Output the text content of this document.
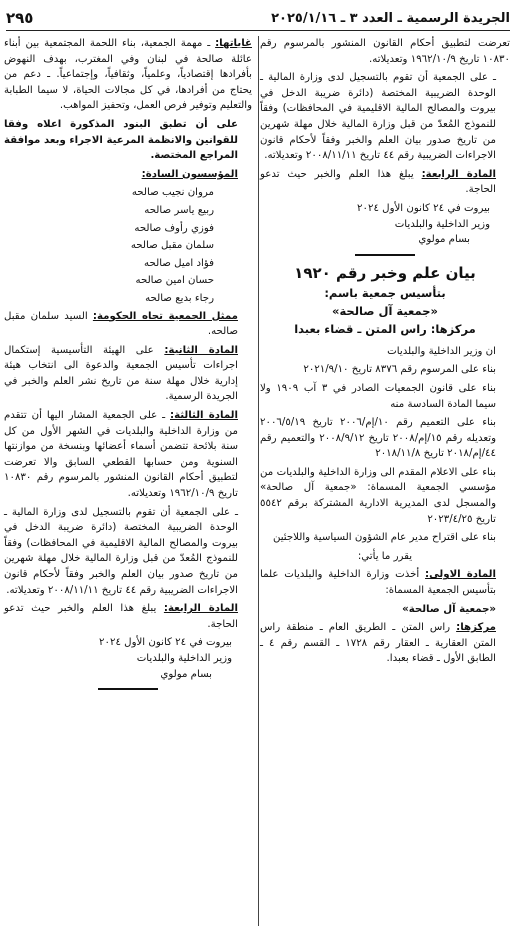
الجريدة الرسمية ـ العدد ٣ ـ ٢٠٢٥/١/١٦
٢٩٥

تعرضت لتطبيق أحكام القانون المنشور بالمرسوم رقم ١٠٨٣٠ تاريخ ١٩٦٢/١٠/٩ وتعديلاته.

ـ على الجمعية أن تقوم بالتسجيل لدى وزارة المالية ـ الوحدة الضريبية المختصة (دائرة ضريبة الدخل في بيروت والمصالح المالية الاقليمية في المحافظات) وفقاً للنموذج المُعدّ من قبل وزارة المالية خلال مهلة شهرين من تاريخ صدور بيان العلم والخبر وفقاً لأحكام قانون الاجراءات الضريبية رقم ٤٤ تاريخ ٢٠٠٨/١١/١١ وتعديلاته.

المادة الرابعة: يبلغ هذا العلم والخبر حيث تدعو الحاجة.

بيروت في ٢٤ كانون الأول ٢٠٢٤

وزير الداخلية والبلديات

بسام مولوي

بيان علم وخبر رقم ١٩٢٠
بتأسيس جمعية باسم:
«جمعية آل صالحة»
مركزها: راس المتن ـ قضاء بعبدا

ان وزير الداخلية والبلديات

بناء على المرسوم رقم ٨٣٧٦ تاريخ ٢٠٢١/٩/١٠

بناء على قانون الجمعيات الصادر في ٣ آب ١٩٠٩ ولا سيما المادة السادسة منه

بناء على التعميم رقم ١٠/إم/٢٠٠٦ تاريخ ٢٠٠٦/٥/١٩ وتعديله رقم ١٥/إم/٢٠٠٨ تاريخ ٢٠٠٨/٩/١٢ والتعميم رقم ٤٤/إم/٢٠١٨ تاريخ ٢٠١٨/١١/٨

بناء على الاعلام المقدم الى وزارة الداخلية والبلديات من مؤسسي الجمعية المسماة: «جمعية آل صالحة» والمسجل لدى المديرية الادارية المشتركة برقم ٥٥٤٢ تاريخ ٢٠٢٣/٤/٢٥

بناء على اقتراح مدير عام الشؤون السياسية واللاجئين

يقرر ما يأتي:

المادة الاولى: أخذت وزارة الداخلية والبلديات علما بتأسيس الجمعية المسماة:

«جمعية آل صالحة»

مركزها: راس المتن ـ الطريق العام ـ منطقة راس المتن العقارية ـ العقار رقم ١٧٢٨ ـ القسم رقم ٤ ـ الطابق الأول ـ قضاء بعبدا.

غاياتها: ـ مهمة الجمعية، بناء اللحمة المجتمعية بين أبناء عائلة صالحة في لبنان وفي المغترب، بهدف النهوض بأفرادها إقتصادياً، وعلمياً، وثقافياً، وإجتماعياً. ـ دعم من يحتاج من أفرادها، في كل مجالات الحياة، لا سيما الطبابة والتعليم وتوفير فرص العمل، وتحفيز المواهب.

على أن تطبق البنود المذكورة اعلاه وفقا للقوانين والانظمة المرعية الاجراء وبعد موافقة المراجع المختصة.

المؤسسون السادة:

مروان نجيب صالحه

ربيع ياسر صالحه

فوزي رأوف صالحه

سلمان مقبل صالحه

فؤاد اميل صالحه

حسان امين صالحه

رجاء بديع صالحه

ممثل الجمعية تجاه الحكومة: السيد سلمان مقبل صالحه.

المادة الثانية: على الهيئة التأسيسية إستكمال اجراءات تأسيس الجمعية والدعوة الى انتخاب هيئة إدارية خلال مهلة سنة من تاريخ نشر العلم والخبر في الجريدة الرسمية.

المادة الثالثة: ـ على الجمعية المشار اليها أن تتقدم من وزارة الداخلية والبلديات في الشهر الأول من كل سنة بلائحة تتضمن أسماء أعضائها وبنسخة من موازنتها السنوية ومن حسابها القطعي السابق والا تعرضت لتطبيق أحكام القانون المنشور بالمرسوم رقم ١٠٨٣٠ تاريخ ١٩٦٢/١٠/٩ وتعديلاته.

ـ على الجمعية أن تقوم بالتسجيل لدى وزارة المالية ـ الوحدة الضريبية المختصة (دائرة ضريبة الدخل في بيروت والمصالح المالية الاقليمية في المحافظات) وفقاً للنموذج المُعدّ من قبل وزارة المالية خلال مهلة شهرين من تاريخ صدور بيان العلم والخبر وفقاً لأحكام قانون الاجراءات الضريبية رقم ٤٤ تاريخ ٢٠٠٨/١١/١١ وتعديلاته.

المادة الرابعة: يبلغ هذا العلم والخبر حيث تدعو الحاجة.

بيروت في ٢٤ كانون الأول ٢٠٢٤

وزير الداخلية والبلديات

بسام مولوي
